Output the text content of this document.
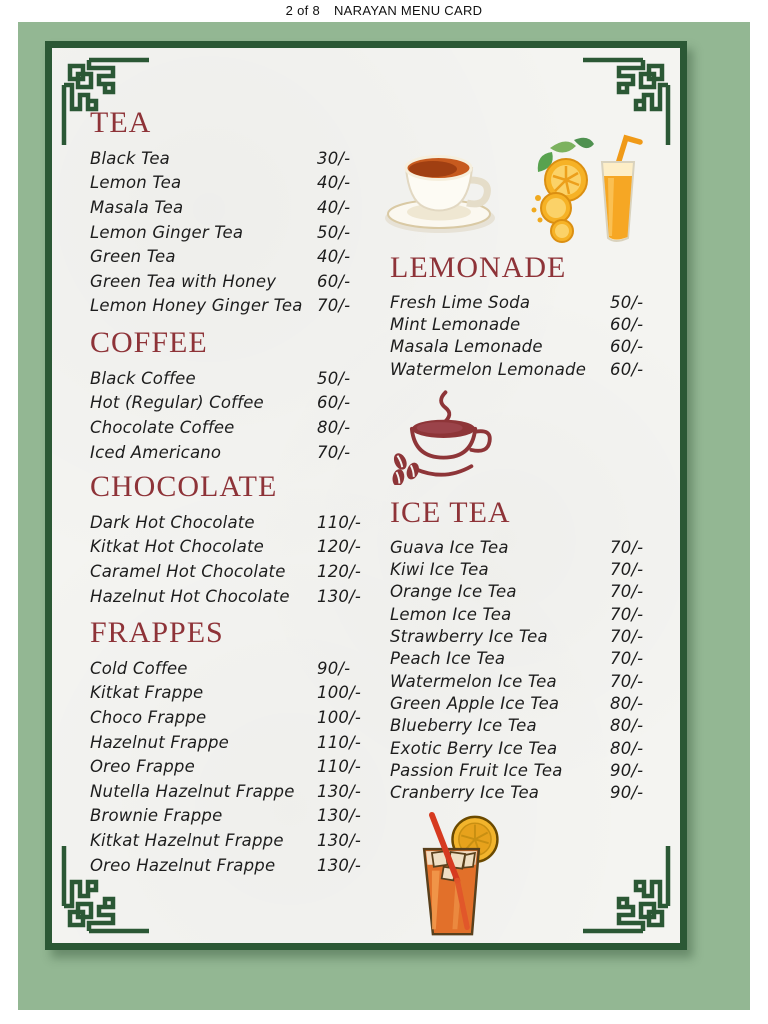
2 of 8 NARAYAN MENU CARD
TEA
Black Tea	30/-
Lemon Tea	40/-
Masala Tea	40/-
Lemon Ginger Tea	50/-
Green Tea	40/-
Green Tea with Honey	60/-
Lemon Honey Ginger Tea 70/-
COFFEE
Black Coffee	50/-
Hot (Regular) Coffee	60/-
Chocolate Coffee	80/-
Iced Americano	70/-
CHOCOLATE
Dark Hot Chocolate	110/-
Kitkat Hot Chocolate	120/-
Caramel Hot Chocolate	120/-
Hazelnut Hot Chocolate	130/-
FRAPPES
Cold Coffee	90/-
Kitkat Frappe	100/-
Choco Frappe	100/-
Hazelnut Frappe	110/-
Oreo Frappe	110/-
Nutella Hazelnut Frappe	130/-
Brownie Frappe	130/-
Kitkat Hazelnut Frappe	130/-
Oreo Hazelnut Frappe	130/-
LEMONADE
Fresh Lime Soda	50/-
Mint Lemonade	60/-
Masala Lemonade	60/-
Watermelon Lemonade	60/-
ICE TEA
Guava Ice Tea	70/-
Kiwi Ice Tea	70/-
Orange Ice Tea	70/-
Lemon Ice Tea	70/-
Strawberry Ice Tea	70/-
Peach Ice Tea	70/-
Watermelon Ice Tea	70/-
Green Apple Ice Tea	80/-
Blueberry Ice Tea	80/-
Exotic Berry Ice Tea	80/-
Passion Fruit Ice Tea	90/-
Cranberry Ice Tea	90/-
